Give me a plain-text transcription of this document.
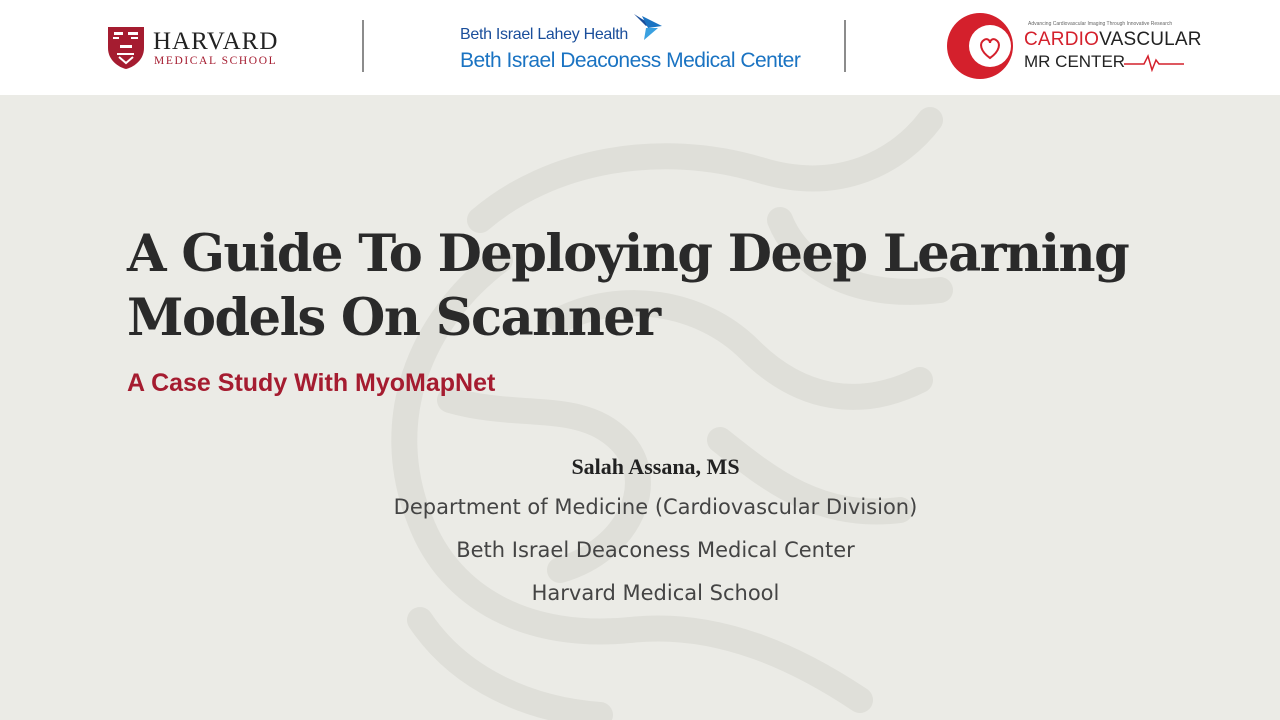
HARVARD
MEDICAL SCHOOL
Beth Israel Lahey Health
Beth Israel Deaconess Medical Center
Advancing Cardiovascular Imaging Through Innovative Research
CARDIOVASCULAR
MR CENTER
A Guide To Deploying Deep Learning Models On Scanner
A Case Study With MyoMapNet
Salah Assana, MS
Department of Medicine (Cardiovascular Division)
Beth Israel Deaconess Medical Center
Harvard Medical School
